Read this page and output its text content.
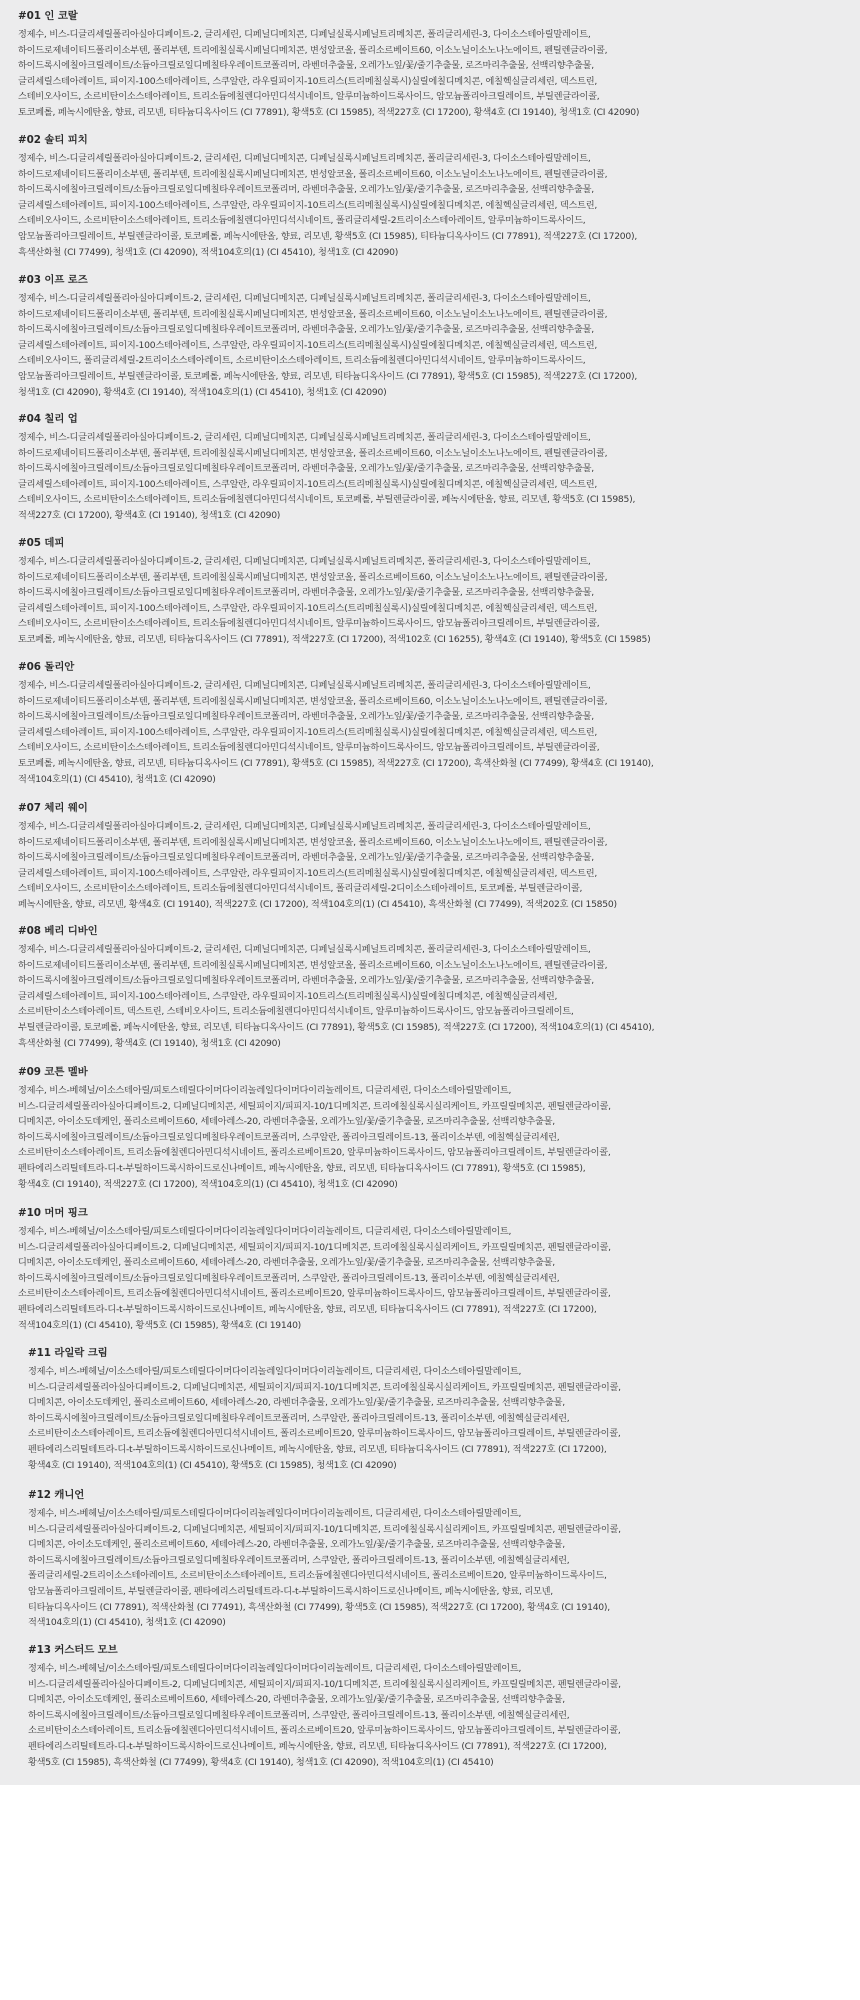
#01 인 코랄
정제수, 비스-디글리세릴폴리아실아디페이트-2, 글리세린, 디페닐디메치콘, 디페닐실록시페닐트리메치콘, 폴리글리세린-3, 다이소스테아릴말레이트,
하이드로제네이티드폴리이소부텐, 폴리부텐, 트리에칠실록시페닐디메치콘, 변성알코올, 폴리소르베이트60, 이소노닐이소노나노에이트, 펜틸렌글라이콜,
하이드록시에칠아크릴레이트/소듐아크릴로일디메칠타우레이트코폴리머, 라벤더추출물, 오레가노잎/꽃/줄기추출물, 로즈마리추출물, 선백리향추출물,
글리세릴스테아레이트, 피이지-100스테아레이트, 스쿠알란, 라우릴피이지-10트리스(트리메칠실록시)실릴에칠디메치콘, 에칠헥실글리세린, 덱스트린,
스테비오사이드, 소르비탄이소스테아레이트, 트리소듐에칠렌디아민디석시네이트, 알루미늄하이드록사이드, 암모늄폴리아크릴레이트, 부틸렌글라이콜,
토코페롤, 페녹시에탄올, 향료, 리모넨, 티타늄디옥사이드 (CI 77891), 황색5호 (CI 15985), 적색227호 (CI 17200), 황색4호 (CI 19140), 청색1호 (CI 42090)
#02 솔티 피치
정제수, 비스-디글리세릴폴리아실아디페이트-2, 글리세린, 디페닐디메치콘, 디페닐실록시페닐트리메치콘, 폴리글리세린-3, 다이소스테아릴말레이트,
하이드로제네이티드폴리이소부텐, 폴리부텐, 트리에칠실록시페닐디메치콘, 변성알코올, 폴리소르베이트60, 이소노닐이소노나노에이트, 펜틸렌글라이콜,
하이드록시에칠아크릴레이트/소듐아크릴로일디메칠타우레이트코폴리머, 라벤더추출물, 오레가노잎/꽃/줄기추출물, 로즈마리추출물, 선백리향추출물,
글리세릴스테아레이트, 피이지-100스테아레이트, 스쿠알란, 라우릴피이지-10트리스(트리메칠실록시)실릴에칠디메치콘, 에칠헥실글리세린, 덱스트린,
스테비오사이드, 소르비탄이소스테아레이트, 트리소듐에칠렌디아민디석시네이트, 폴리글리세릴-2트리이소스테아레이트, 알루미늄하이드록사이드,
암모늄폴리아크릴레이트, 부틸렌글라이콜, 토코페롤, 페녹시에탄올, 향료, 리모넨, 황색5호 (CI 15985), 티타늄디옥사이드 (CI 77891), 적색227호 (CI 17200),
흑색산화철 (CI 77499), 청색1호 (CI 42090), 적색104호의(1) (CI 45410), 청색1호 (CI 42090)
#03 이프 로즈
정제수, 비스-디글리세릴폴리아실아디페이트-2, 글리세린, 디페닐디메치콘, 디페닐실록시페닐트리메치콘, 폴리글리세린-3, 다이소스테아릴말레이트,
하이드로제네이티드폴리이소부텐, 폴리부텐, 트리에칠실록시페닐디메치콘, 변성알코올, 폴리소르베이트60, 이소노닐이소노나노에이트, 펜틸렌글라이콜,
하이드록시에칠아크릴레이트/소듐아크릴로일디메칠타우레이트코폴리머, 라벤더추출물, 오레가노잎/꽃/줄기추출물, 로즈마리추출물, 선백리향추출물,
글리세릴스테아레이트, 피이지-100스테아레이트, 스쿠알란, 라우릴피이지-10트리스(트리메칠실록시)실릴에칠디메치콘, 에칠헥실글리세린, 덱스트린,
스테비오사이드, 폴리글리세릴-2트리이소스테아레이트, 소르비탄이소스테아레이트, 트리소듐에칠렌디아민디석시네이트, 알루미늄하이드록사이드,
암모늄폴리아크릴레이트, 부틸렌글라이콜, 토코페롤, 페녹시에탄올, 향료, 리모넨, 티타늄디옥사이드 (CI 77891), 황색5호 (CI 15985), 적색227호 (CI 17200),
청색1호 (CI 42090), 황색4호 (CI 19140), 적색104호의(1) (CI 45410), 청색1호 (CI 42090)
#04 칠리 업
정제수, 비스-디글리세릴폴리아실아디페이트-2, 글리세린, 디페닐디메치콘, 디페닐실록시페닐트리메치콘, 폴리글리세린-3, 다이소스테아릴말레이트,
하이드로제네이티드폴리이소부텐, 폴리부텐, 트리에칠실록시페닐디메치콘, 변성알코올, 폴리소르베이트60, 이소노닐이소노나노에이트, 펜틸렌글라이콜,
하이드록시에칠아크릴레이트/소듐아크릴로일디메칠타우레이트코폴리머, 라벤더추출물, 오레가노잎/꽃/줄기추출물, 로즈마리추출물, 선백리향추출물,
글리세릴스테아레이트, 피이지-100스테아레이트, 스쿠알란, 라우릴피이지-10트리스(트리메칠실록시)실릴에칠디메치콘, 에칠헥실글리세린, 덱스트린,
스테비오사이드, 소르비탄이소스테아레이트, 트리소듐에칠렌디아민디석시네이트, 토코페롤, 부틸렌글라이콜, 페녹시에탄올, 향료, 리모넨, 황색5호 (CI 15985),
적색227호 (CI 17200), 황색4호 (CI 19140), 청색1호 (CI 42090)
#05 데피
정제수, 비스-디글리세릴폴리아실아디페이트-2, 글리세린, 디페닐디메치콘, 디페닐실록시페닐트리메치콘, 폴리글리세린-3, 다이소스테아릴말레이트,
하이드로제네이티드폴리이소부텐, 폴리부텐, 트리에칠실록시페닐디메치콘, 변성알코올, 폴리소르베이트60, 이소노닐이소노나노에이트, 펜틸렌글라이콜,
하이드록시에칠아크릴레이트/소듐아크릴로일디메칠타우레이트코폴리머, 라벤더추출물, 오레가노잎/꽃/줄기추출물, 로즈마리추출물, 선백리향추출물,
글리세릴스테아레이트, 피이지-100스테아레이트, 스쿠알란, 라우릴피이지-10트리스(트리메칠실록시)실릴에칠디메치콘, 에칠헥실글리세린, 덱스트린,
스테비오사이드, 소르비탄이소스테아레이트, 트리소듐에칠렌디아민디석시네이트, 알루미늄하이드록사이드, 암모늄폴리아크릴레이트, 부틸렌글라이콜,
토코페롤, 페녹시에탄올, 향료, 리모넨, 티타늄디옥사이드 (CI 77891), 적색227호 (CI 17200), 적색102호 (CI 16255), 황색4호 (CI 19140), 황색5호 (CI 15985)
#06 돌리안
정제수, 비스-디글리세릴폴리아실아디페이트-2, 글리세린, 디페닐디메치콘, 디페닐실록시페닐트리메치콘, 폴리글리세린-3, 다이소스테아릴말레이트,
하이드로제네이티드폴리이소부텐, 폴리부텐, 트리에칠실록시페닐디메치콘, 변성알코올, 폴리소르베이트60, 이소노닐이소노나노에이트, 펜틸렌글라이콜,
하이드록시에칠아크릴레이트/소듐아크릴로일디메칠타우레이트코폴리머, 라벤더추출물, 오레가노잎/꽃/줄기추출물, 로즈마리추출물, 선백리향추출물,
글리세릴스테아레이트, 피이지-100스테아레이트, 스쿠알란, 라우릴피이지-10트리스(트리메칠실록시)실릴에칠디메치콘, 에칠헥실글리세린, 덱스트린,
스테비오사이드, 소르비탄이소스테아레이트, 트리소듐에칠렌디아민디석시네이트, 알루미늄하이드록사이드, 암모늄폴리아크릴레이트, 부틸렌글라이콜,
토코페롤, 페녹시에탄올, 향료, 리모넨, 티타늄디옥사이드 (CI 77891), 황색5호 (CI 15985), 적색227호 (CI 17200), 흑색산화철 (CI 77499), 황색4호 (CI 19140),
적색104호의(1) (CI 45410), 청색1호 (CI 42090)
#07 체리 웨이
정제수, 비스-디글리세릴폴리아실아디페이트-2, 글리세린, 디페닐디메치콘, 디페닐실록시페닐트리메치콘, 폴리글리세린-3, 다이소스테아릴말레이트,
하이드로제네이티드폴리이소부텐, 폴리부텐, 트리에칠실록시페닐디메치콘, 변성알코올, 폴리소르베이트60, 이소노닐이소노나노에이트, 펜틸렌글라이콜,
하이드록시에칠아크릴레이트/소듐아크릴로일디메칠타우레이트코폴리머, 라벤더추출물, 오레가노잎/꽃/줄기추출물, 로즈마리추출물, 선백리향추출물,
글리세릴스테아레이트, 피이지-100스테아레이트, 스쿠알란, 라우릴피이지-10트리스(트리메칠실록시)실릴에칠디메치콘, 에칠헥실글리세린, 덱스트린,
스테비오사이드, 소르비탄이소스테아레이트, 트리소듐에칠렌디아민디석시네이트, 폴리글리세릴-2디이소스테아레이트, 토코페롤, 부틸렌글라이콜,
페녹시에탄올, 향료, 리모넨, 황색4호 (CI 19140), 적색227호 (CI 17200), 적색104호의(1) (CI 45410), 흑색산화철 (CI 77499), 적색202호 (CI 15850)
#08 베리 디바인
정제수, 비스-디글리세릴폴리아실아디페이트-2, 글리세린, 디페닐디메치콘, 디페닐실록시페닐트리메치콘, 폴리글리세린-3, 다이소스테아릴말레이트,
하이드로제네이티드폴리이소부텐, 폴리부텐, 트리에칠실록시페닐디메치콘, 변성알코올, 폴리소르베이트60, 이소노닐이소노나노에이트, 펜틸렌글라이콜,
하이드록시에칠아크릴레이트/소듐아크릴로일디메칠타우레이트코폴리머, 라벤더추출물, 오레가노잎/꽃/줄기추출물, 로즈마리추출물, 선백리향추출물,
글리세릴스테아레이트, 피이지-100스테아레이트, 스쿠알란, 라우릴피이지-10트리스(트리메칠실록시)실릴에칠디메치콘, 에칠헥실글리세린,
소르비탄이소스테아레이트, 덱스트린, 스테비오사이드, 트리소듐에칠렌디아민디석시네이트, 알루미늄하이드록사이드, 암모늄폴리아크릴레이트,
부틸렌글라이콜, 토코페롤, 페녹시에탄올, 향료, 리모넨, 티타늄디옥사이드 (CI 77891), 황색5호 (CI 15985), 적색227호 (CI 17200), 적색104호의(1) (CI 45410),
흑색산화철 (CI 77499), 황색4호 (CI 19140), 청색1호 (CI 42090)
#09 코튼 멜바
정제수, 비스-베헤닐/이소스테아릴/피토스테릴다이머다이리놀레일다이머다이리놀레이트, 디글리세린, 다이소스테아릴말레이트,
비스-디글리세릴폴리아실아디페이트-2, 디페닐디메치콘, 세틸피이지/피피지-10/1디메치콘, 트리에칠실록시실리케이트, 카프릴릴메치콘, 펜틸렌글라이콜,
디메치콘, 아이소도데케인, 폴리소르베이트60, 세테아레스-20, 라벤더추출물, 오레가노잎/꽃/줄기추출물, 로즈마리추출물, 선백리향추출물,
하이드록시에칠아크릴레이트/소듐아크릴로일디메칠타우레이트코폴리머, 스쿠알란, 폴리아크릴레이트-13, 폴리이소부텐, 에칠헥실글리세린,
소르비탄이소스테아레이트, 트리소듐에칠렌디아민디석시네이트, 폴리소르베이트20, 알루미늄하이드록사이드, 암모늄폴리아크릴레이트, 부틸렌글라이콜,
펜타에리스리틸테트라-디-t-부틸하이드록시하이드로신나메이트, 페녹시에탄올, 향료, 리모넨, 티타늄디옥사이드 (CI 77891), 황색5호 (CI 15985),
황색4호 (CI 19140), 적색227호 (CI 17200), 적색104호의(1) (CI 45410), 청색1호 (CI 42090)
#10 머머 핑크
정제수, 비스-베헤닐/이소스테아릴/피토스테릴다이머다이리놀레일다이머다이리놀레이트, 디글리세린, 다이소스테아릴말레이트,
비스-디글리세릴폴리아실아디페이트-2, 디페닐디메치콘, 세틸피이지/피피지-10/1디메치콘, 트리에칠실록시실리케이트, 카프릴릴메치콘, 펜틸렌글라이콜,
디메치콘, 아이소도데케인, 폴리소르베이트60, 세테아레스-20, 라벤더추출물, 오레가노잎/꽃/줄기추출물, 로즈마리추출물, 선백리향추출물,
하이드록시에칠아크릴레이트/소듐아크릴로일디메칠타우레이트코폴리머, 스쿠알란, 폴리아크릴레이트-13, 폴리이소부텐, 에칠헥실글리세린,
소르비탄이소스테아레이트, 트리소듐에칠렌디아민디석시네이트, 폴리소르베이트20, 알루미늄하이드록사이드, 암모늄폴리아크릴레이트, 부틸렌글라이콜,
펜타에리스리틸테트라-디-t-부틸하이드록시하이드로신나메이트, 페녹시에탄올, 향료, 리모넨, 티타늄디옥사이드 (CI 77891), 적색227호 (CI 17200),
적색104호의(1) (CI 45410), 황색5호 (CI 15985), 황색4호 (CI 19140)
#11 라일락 크림
정제수, 비스-베헤닐/이소스테아릴/피토스테릴다이머다이리놀레일다이머다이리놀레이트, 디글리세린, 다이소스테아릴말레이트,
비스-디글리세릴폴리아실아디페이트-2, 디페닐디메치콘, 세틸피이지/피피지-10/1디메치콘, 트리에칠실록시실리케이트, 카프릴릴메치콘, 펜틸렌글라이콜,
디메치콘, 아이소도데케인, 폴리소르베이트60, 세테아레스-20, 라벤더추출물, 오레가노잎/꽃/줄기추출물, 로즈마리추출물, 선백리향추출물,
하이드록시에칠아크릴레이트/소듐아크릴로일디메칠타우레이트코폴리머, 스쿠알란, 폴리아크릴레이트-13, 폴리이소부텐, 에칠헥실글리세린,
소르비탄이소스테아레이트, 트리소듐에칠렌디아민디석시네이트, 폴리소르베이트20, 알루미늄하이드록사이드, 암모늄폴리아크릴레이트, 부틸렌글라이콜,
펜타에리스리틸테트라-디-t-부틸하이드록시하이드로신나메이트, 페녹시에탄올, 향료, 리모넨, 티타늄디옥사이드 (CI 77891), 적색227호 (CI 17200),
황색4호 (CI 19140), 적색104호의(1) (CI 45410), 황색5호 (CI 15985), 청색1호 (CI 42090)
#12 캐니언
정제수, 비스-베헤닐/이소스테아릴/피토스테릴다이머다이리놀레일다이머다이리놀레이트, 디글리세린, 다이소스테아릴말레이트,
비스-디글리세릴폴리아실아디페이트-2, 디페닐디메치콘, 세틸피이지/피피지-10/1디메치콘, 트리에칠실록시실리케이트, 카프릴릴메치콘, 펜틸렌글라이콜,
디메치콘, 아이소도데케인, 폴리소르베이트60, 세테아레스-20, 라벤더추출물, 오레가노잎/꽃/줄기추출물, 로즈마리추출물, 선백리향추출물,
하이드록시에칠아크릴레이트/소듐아크릴로일디메칠타우레이트코폴리머, 스쿠알란, 폴리아크릴레이트-13, 폴리이소부텐, 에칠헥실글리세린,
폴리글리세릴-2트리이소스테아레이트, 소르비탄이소스테아레이트, 트리소듐에칠렌디아민디석시네이트, 폴리소르베이트20, 알루미늄하이드록사이드,
암모늄폴리아크릴레이트, 부틸렌글라이콜, 펜타에리스리틸테트라-디-t-부틸하이드록시하이드로신나메이트, 페녹시에탄올, 향료, 리모넨,
티타늄디옥사이드 (CI 77891), 적색산화철 (CI 77491), 흑색산화철 (CI 77499), 황색5호 (CI 15985), 적색227호 (CI 17200), 황색4호 (CI 19140),
적색104호의(1) (CI 45410), 청색1호 (CI 42090)
#13 커스터드 모브
정제수, 비스-베헤닐/이소스테아릴/피토스테릴다이머다이리놀레일다이머다이리놀레이트, 디글리세린, 다이소스테아릴말레이트,
비스-디글리세릴폴리아실아디페이트-2, 디페닐디메치콘, 세틸피이지/피피지-10/1디메치콘, 트리에칠실록시실리케이트, 카프릴릴메치콘, 펜틸렌글라이콜,
디메치콘, 아이소도데케인, 폴리소르베이트60, 세테아레스-20, 라벤더추출물, 오레가노잎/꽃/줄기추출물, 로즈마리추출물, 선백리향추출물,
하이드록시에칠아크릴레이트/소듐아크릴로일디메칠타우레이트코폴리머, 스쿠알란, 폴리아크릴레이트-13, 폴리이소부텐, 에칠헥실글리세린,
소르비탄이소스테아레이트, 트리소듐에칠렌디아민디석시네이트, 폴리소르베이트20, 알루미늄하이드록사이드, 암모늄폴리아크릴레이트, 부틸렌글라이콜,
펜타에리스리틸테트라-디-t-부틸하이드록시하이드로신나메이트, 페녹시에탄올, 향료, 리모넨, 티타늄디옥사이드 (CI 77891), 적색227호 (CI 17200),
황색5호 (CI 15985), 흑색산화철 (CI 77499), 황색4호 (CI 19140), 청색1호 (CI 42090), 적색104호의(1) (CI 45410)
